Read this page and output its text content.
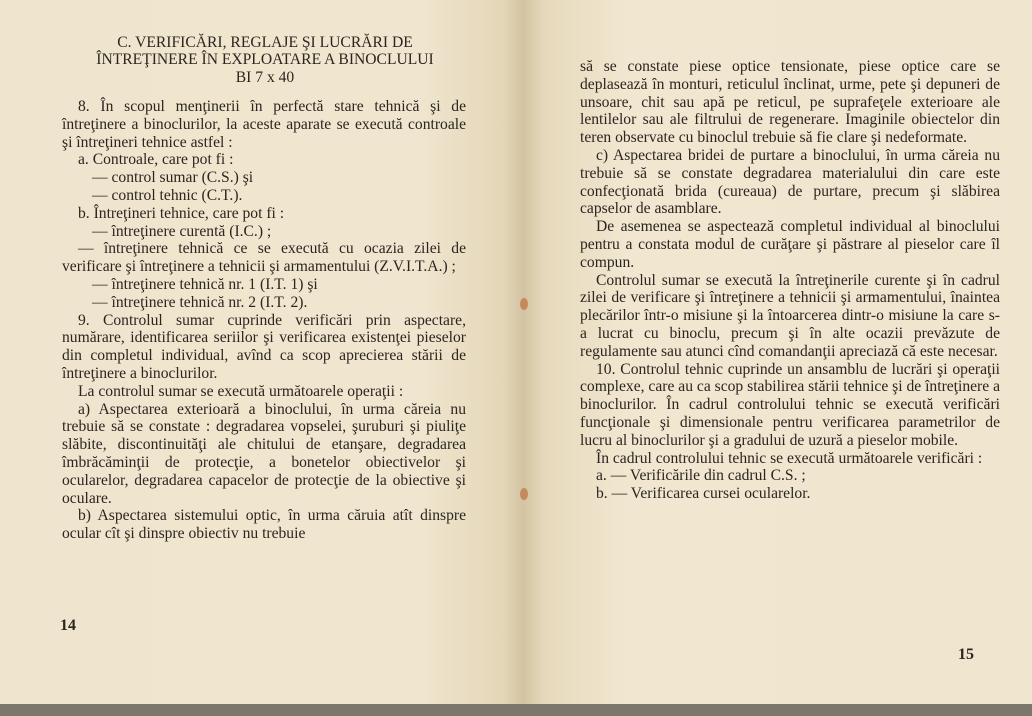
C. VERIFICĂRI, REGLAJE ŞI LUCRĂRI DE
ÎNTREŢINERE ÎN EXPLOATARE A BINOCLULUI
BI 7 x 40

8. În scopul menţinerii în perfectă stare tehnică şi de întreţinere a binoclurilor, la aceste aparate se execută controale şi întreţineri tehnice astfel :

a. Controale, care pot fi :

— control sumar (C.S.) şi

— control tehnic (C.T.).

b. Întreţineri tehnice, care pot fi :

— întreţinere curentă (I.C.) ;

— întreţinere tehnică ce se execută cu ocazia zilei de verificare şi întreţinere a tehnicii şi armamentului (Z.V.I.T.A.) ;

— întreţinere tehnică nr. 1 (I.T. 1) şi

— întreţinere tehnică nr. 2 (I.T. 2).

9. Controlul sumar cuprinde verificări prin aspectare, numărare, identificarea seriilor şi verificarea existenţei pieselor din completul individual, avînd ca scop aprecierea stării de întreţinere a binoclurilor.

La controlul sumar se execută următoarele operaţii :

a) Aspectarea exterioară a binoclului, în urma căreia nu trebuie să se constate : degradarea vopselei, şuruburi şi piuliţe slăbite, discontinuităţi ale chitului de etanşare, degradarea îmbrăcăminţii de protecţie, a bonetelor obiectivelor şi ocularelor, degradarea capacelor de protecţie de la obiective şi oculare.

b) Aspectarea sistemului optic, în urma căruia atît dinspre ocular cît şi dinspre obiectiv nu trebuie

14

să se constate piese optice tensionate, piese optice care se deplasează în monturi, reticulul înclinat, urme, pete şi depuneri de unsoare, chit sau apă pe reticul, pe suprafeţele exterioare ale lentilelor sau ale filtrului de regenerare. Imaginile obiectelor din teren observate cu binoclul trebuie să fie clare şi nedeformate.

c) Aspectarea bridei de purtare a binoclului, în urma căreia nu trebuie să se constate degradarea materialului din care este confecţionată brida (cureaua) de purtare, precum şi slăbirea capselor de asamblare.

De asemenea se aspectează completul individual al binoclului pentru a constata modul de curăţare şi păstrare al pieselor care îl compun.

Controlul sumar se execută la întreţinerile curente şi în cadrul zilei de verificare şi întreţinere a tehnicii şi armamentului, înaintea plecărilor într-o misiune şi la întoarcerea dintr-o misiune la care s-a lucrat cu binoclu, precum şi în alte ocazii prevăzute de regulamente sau atunci cînd comandanţii apreciază că este necesar.

10. Controlul tehnic cuprinde un ansamblu de lucrări şi operaţii complexe, care au ca scop stabilirea stării tehnice şi de întreţinere a binoclurilor. În cadrul controlului tehnic se execută verificări funcţionale şi dimensionale pentru verificarea parametrilor de lucru al binoclurilor şi a gradului de uzură a pieselor mobile.

În cadrul controlului tehnic se execută următoarele verificări :

a. — Verificările din cadrul C.S. ;

b. — Verificarea cursei ocularelor.

15
